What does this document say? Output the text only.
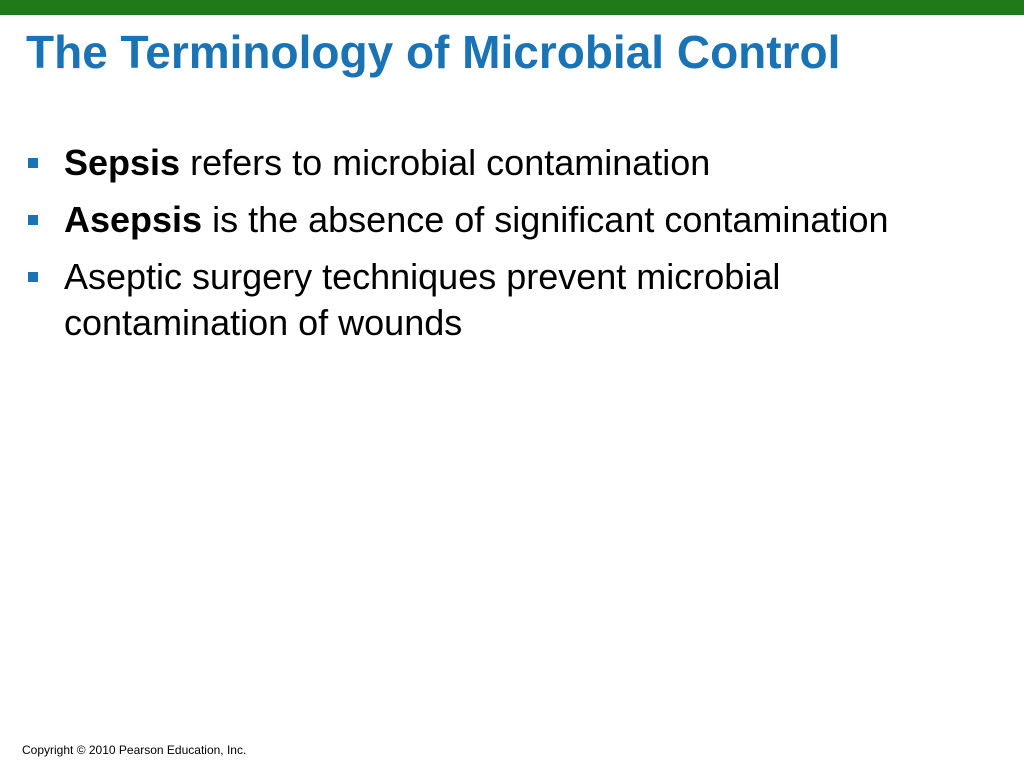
The Terminology of Microbial Control
Sepsis refers to microbial contamination
Asepsis is the absence of significant contamination
Aseptic surgery techniques prevent microbial contamination of wounds
Copyright © 2010 Pearson Education, Inc.
